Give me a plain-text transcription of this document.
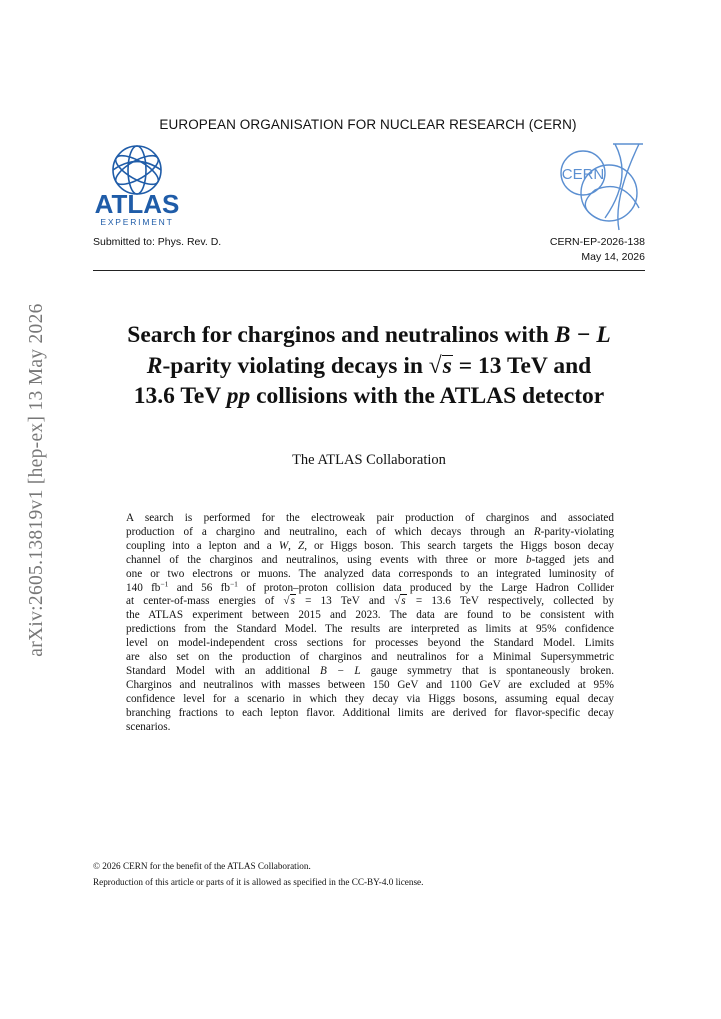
EUROPEAN ORGANISATION FOR NUCLEAR RESEARCH (CERN)
ATLAS
EXPERIMENT
CERN
Submitted to: Phys. Rev. D.	CERN-EP-2026-138
May 14, 2026
arXiv:2605.13819v1 [hep-ex] 13 May 2026	Search for charginos and neutralinos with B − L
R-parity violating decays in √s = 13 TeV and
13.6 TeV pp collisions with the ATLAS detector
The ATLAS Collaboration
A search is performed for the electroweak pair production of charginos and associated
production of a chargino and neutralino, each of which decays through an R-parity-violating
coupling into a lepton and a W, Z, or Higgs boson. This search targets the Higgs boson decay
channel of the charginos and neutralinos, using events with three or more b-tagged jets and
one or two electrons or muons. The analyzed data corresponds to an integrated luminosity of
140 $fb^{-1}$ and 56 $fb^{-1}$ of proton–proton collision data produced by the Large Hadron Collider
at center-of-mass energies of √s = 13 TeV and √s = 13.6 TeV respectively, collected by
the ATLAS experiment between 2015 and 2023. The data are found to be consistent with
predictions from the Standard Model. The results are interpreted as limits at 95% confidence
level on model-independent cross sections for processes beyond the Standard Model. Limits
are also set on the production of charginos and neutralinos for a Minimal Supersymmetric
Standard Model with an additional B − L gauge symmetry that is spontaneously broken.
Charginos and neutralinos with masses between 150 GeV and 1100 GeV are excluded at 95%
confidence level for a scenario in which they decay via Higgs bosons, assuming equal decay
branching fractions to each lepton flavor. Additional limits are derived for flavor-specific decay
scenarios.
© 2026 CERN for the benefit of the ATLAS Collaboration.
Reproduction of this article or parts of it is allowed as specified in the CC-BY-4.0 license.
